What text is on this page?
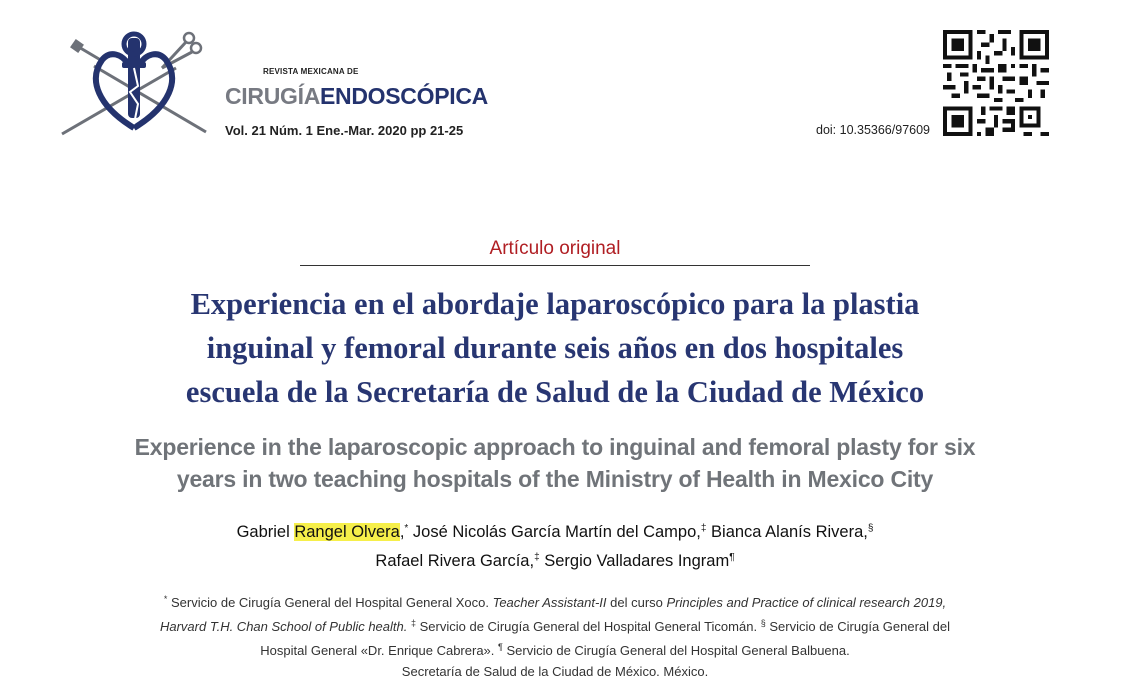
REVISTA MEXICANA DE
CIRUGÍAENDOSCÓPICA
Vol. 21 Núm. 1 Ene.-Mar. 2020 pp 21-25	doi: 10.35366/97609
Artículo original
Experiencia en el abordaje laparoscópico para la plastia
inguinal y femoral durante seis años en dos hospitales
escuela de la Secretaría de Salud de la Ciudad de México
Experience in the laparoscopic approach to inguinal and femoral plasty for six
years in two teaching hospitals of the Ministry of Health in Mexico City
Gabriel Rangel Olvera,* José Nicolás García Martín del Campo,‡ Bianca Alanís Rivera,§
Rafael Rivera García,‡ Sergio Valladares Ingram¶
* Servicio de Cirugía General del Hospital General Xoco. Teacher Assistant-II del curso Principles and Practice of clinical research 2019, Harvard T.H. Chan School of Public health. ‡ Servicio de Cirugía General del Hospital General Ticomán. § Servicio de Cirugía General del Hospital General «Dr. Enrique Cabrera». ¶ Servicio de Cirugía General del Hospital General Balbuena.
Secretaría de Salud de la Ciudad de México. México.
